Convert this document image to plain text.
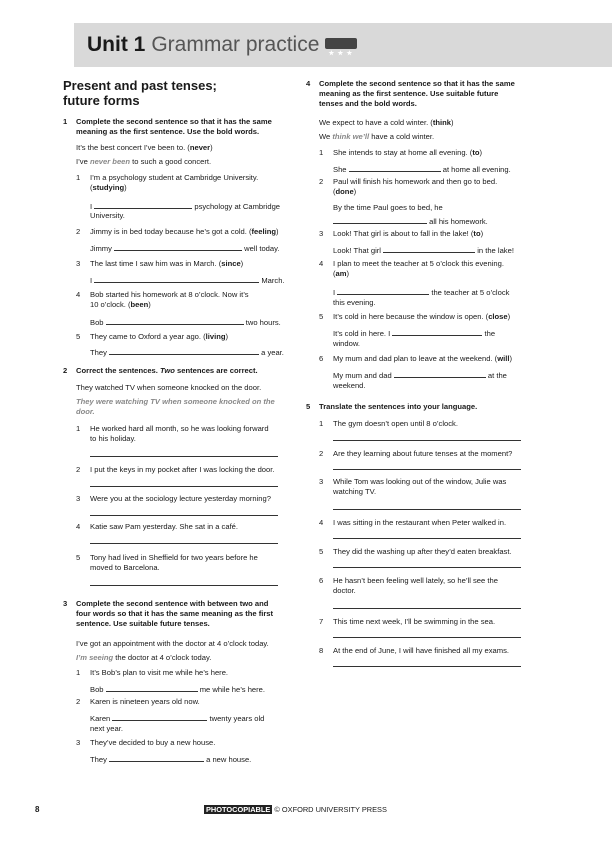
Unit 1 Grammar practice
Present and past tenses;
future forms
1 Complete the second sentence so that it has the same
meaning as the first sentence. Use the bold words.
It’s the best concert I’ve been to. (never)
I’ve never been to such a good concert.
1 I’m a psychology student at Cambridge University.
(studying)
I	psychology at Cambridge
University.
2 Jimmy is in bed today because he’s got a cold. (feeling)
Jimmy	well today.
3 The last time I saw him was in March. (since)
I	March.
4 Bob started his homework at 8 o’clock. Now it’s
10 o’clock. (been)
Bob	two hours.
5 They came to Oxford a year ago. (living)
They	a year.
2 Correct the sentences. Two sentences are correct.
They watched TV when someone knocked on the door.
They were watching TV when someone knocked on the
door.
1 He worked hard all month, so he was looking forward
to his holiday.
2 I put the keys in my pocket after I was locking the door.
3 Were you at the sociology lecture yesterday morning?
4 Katie saw Pam yesterday. She sat in a café.
5 Tony had lived in Sheffield for two years before he
moved to Barcelona.
3 Complete the second sentence with between two and
four words so that it has the same meaning as the first
sentence. Use suitable future tenses.
I’ve got an appointment with the doctor at 4 o’clock today.
I’m seeing the doctor at 4 o’clock today.
1 It’s Bob’s plan to visit me while he’s here.
Bob	me while he’s here.
2 Karen is nineteen years old now.
Karen	twenty years old
next year.
3 They’ve decided to buy a new house.
They	a new house.
4 Complete the second sentence so that it has the same
meaning as the first sentence. Use suitable future
tenses and the bold words.
We expect to have a cold winter. (think)
We think we’ll have a cold winter.
1 She intends to stay at home all evening. (to)
She	at home all evening.
2 Paul will finish his homework and then go to bed.
(done)
By the time Paul goes to bed, he
all his homework.
3 Look! That girl is about to fall in the lake! (to)
Look! That girl	in the lake!
4 I plan to meet the teacher at 5 o’clock this evening.
(am)
I	the teacher at 5 o’clock
this evening.
5 It’s cold in here because the window is open. (close)
It’s cold in here. I	the
window.
6 My mum and dad plan to leave at the weekend. (will)
My mum and dad	at the
weekend.
5 Translate the sentences into your language.
1 The gym doesn’t open until 8 o’clock.
2 Are they learning about future tenses at the moment?
3 While Tom was looking out of the window, Julie was
watching TV.
4 I was sitting in the restaurant when Peter walked in.
5 They did the washing up after they’d eaten breakfast.
6 He hasn’t been feeling well lately, so he’ll see the
doctor.
7 This time next week, I’ll be swimming in the sea.
8 At the end of June, I will have finished all my exams.
8	PHOTOCOPIABLE © OXFORD UNIVERSITY PRESS
